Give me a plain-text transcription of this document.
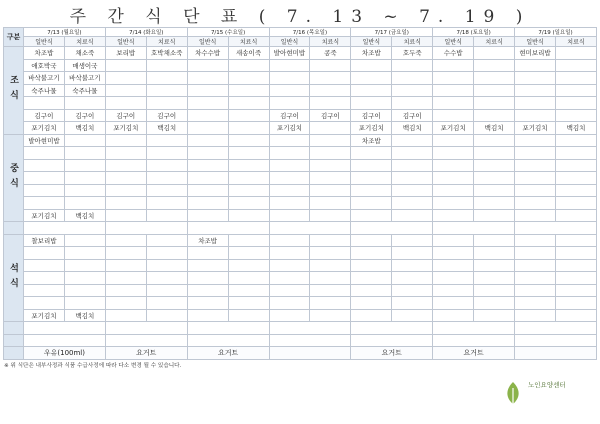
주 간 식 단 표 ( 7. 13 ~ 7. 19 )
구분	7/13 (월요일)		7/14 (화요일)		7/15 (수요일)		7/16 (목요일)		7/17 (금요일)		7/18 (토요일)		7/19 (일요일)	
	일반식	치료식	일반식	치료식	일반식	치료식	일반식	치료식	일반식	치료식	일반식	치료식	일반식	치료식
조식	차조밥	채소죽	보리밥	호박채소죽	차수수밥	새송이죽	발아현미밥	콩죽	차조밥	호두죽	수수밥		현미보리밥	
	애호박국	매생이국												
	바삭불고기	바삭불고기												
	숙주나물	숙주나물												

	김구이	김구이	김구이	김구이			김구이	김구이	김구이	김구이				
	포기김치	백김치	포기김치	백김치			포기김치		포기김치	백김치	포기김치	백김치	포기김치	백김치
중식	발아현미밥								차조밥					

	포기김치	백김치												

석식	찰보리밥				차조밥									

	포기김치	백김치												

	우유(100ml)		요거트		요거트				요거트		요거트			
※ 위 식단은 내부사정과 식품 수급사정에 따라 다소 변경 될 수 있습니다.
노인요양센터
